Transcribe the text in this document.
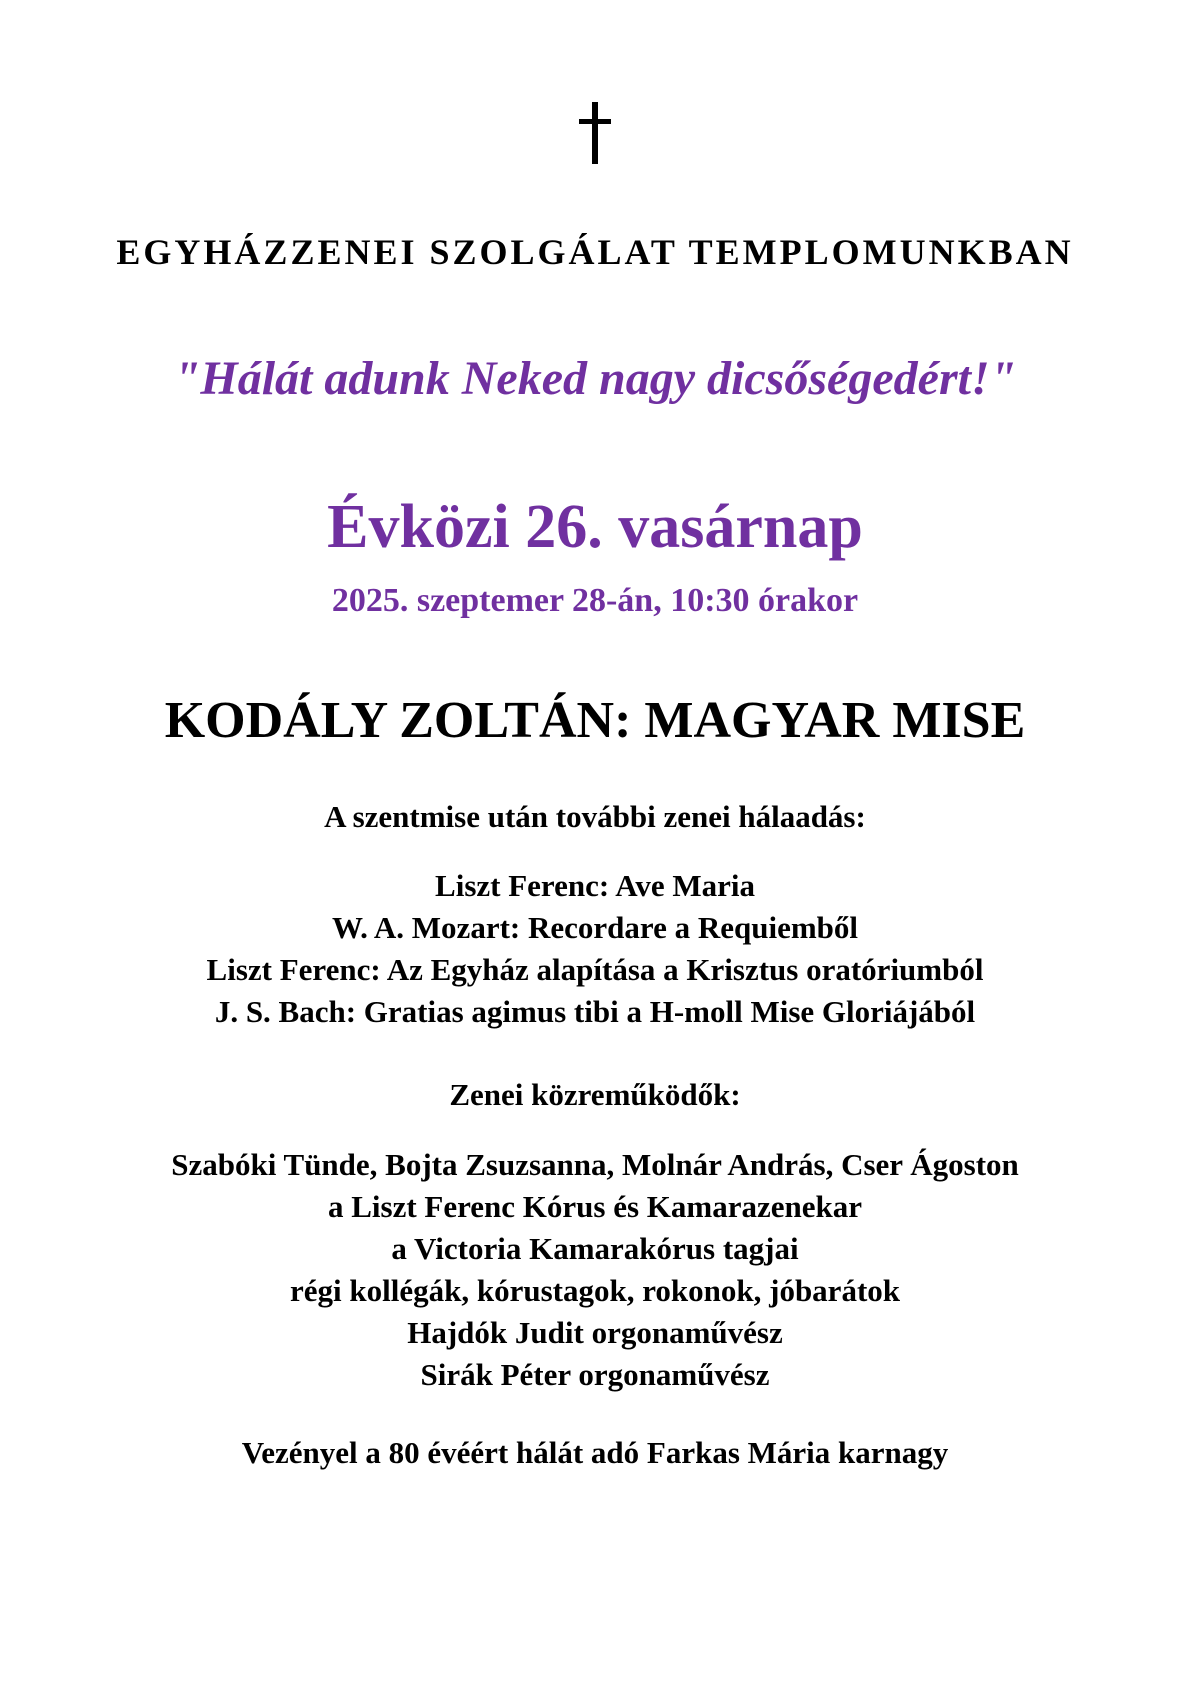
EGYHÁZZENEI SZOLGÁLAT TEMPLOMUNKBAN

"Hálát adunk Neked nagy dicsőségedért!"

Évközi 26. vasárnap

2025. szeptemer 28-án, 10:30 órakor

KODÁLY ZOLTÁN: MAGYAR MISE

A szentmise után további zenei hálaadás:

Liszt Ferenc: Ave Maria
W. A. Mozart: Recordare a Requiemből
Liszt Ferenc: Az Egyház alapítása a Krisztus oratóriumból
J. S. Bach: Gratias agimus tibi a H-moll Mise Gloriájából

Zenei közreműködők:

Szabóki Tünde, Bojta Zsuzsanna, Molnár András, Cser Ágoston
a Liszt Ferenc Kórus és Kamarazenekar
a Victoria Kamarakórus tagjai
régi kollégák, kórustagok, rokonok, jóbarátok
Hajdók Judit orgonaművész
Sirák Péter orgonaművész

Vezényel a 80 évéért hálát adó Farkas Mária karnagy
